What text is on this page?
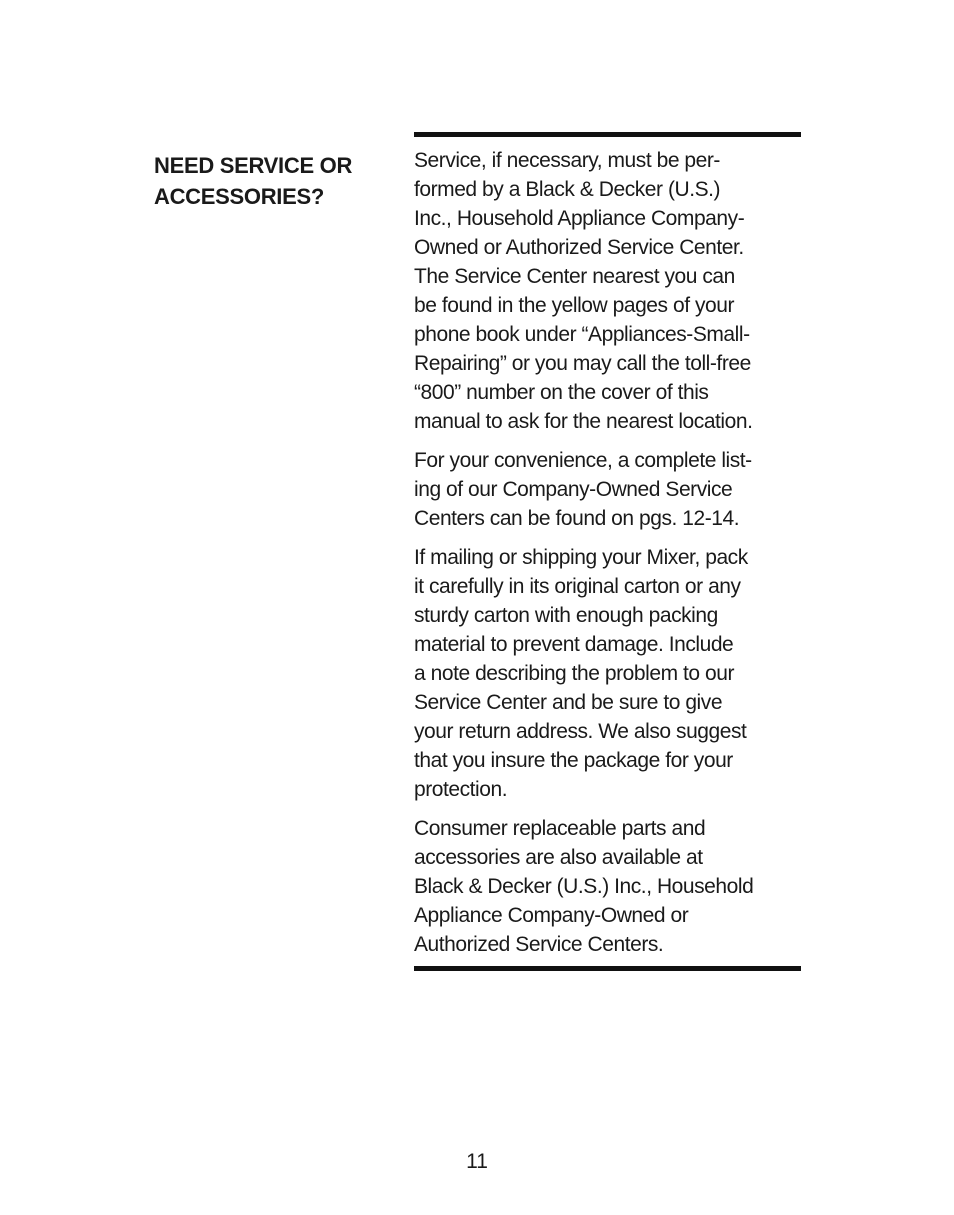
NEED SERVICE OR
ACCESSORIES?

Service, if necessary, must be per-
formed by a Black & Decker (U.S.)
Inc., Household Appliance Company-
Owned or Authorized Service Center.
The Service Center nearest you can
be found in the yellow pages of your
phone book under “Appliances-Small-
Repairing” or you may call the toll-free
“800” number on the cover of this
manual to ask for the nearest location.

For your convenience, a complete list-
ing of our Company-Owned Service
Centers can be found on pgs. 12-14.

If mailing or shipping your Mixer, pack
it carefully in its original carton or any
sturdy carton with enough packing
material to prevent damage. Include
a note describing the problem to our
Service Center and be sure to give
your return address. We also suggest
that you insure the package for your
protection.

Consumer replaceable parts and
accessories are also available at
Black & Decker (U.S.) Inc., Household
Appliance Company-Owned or
Authorized Service Centers.

11
